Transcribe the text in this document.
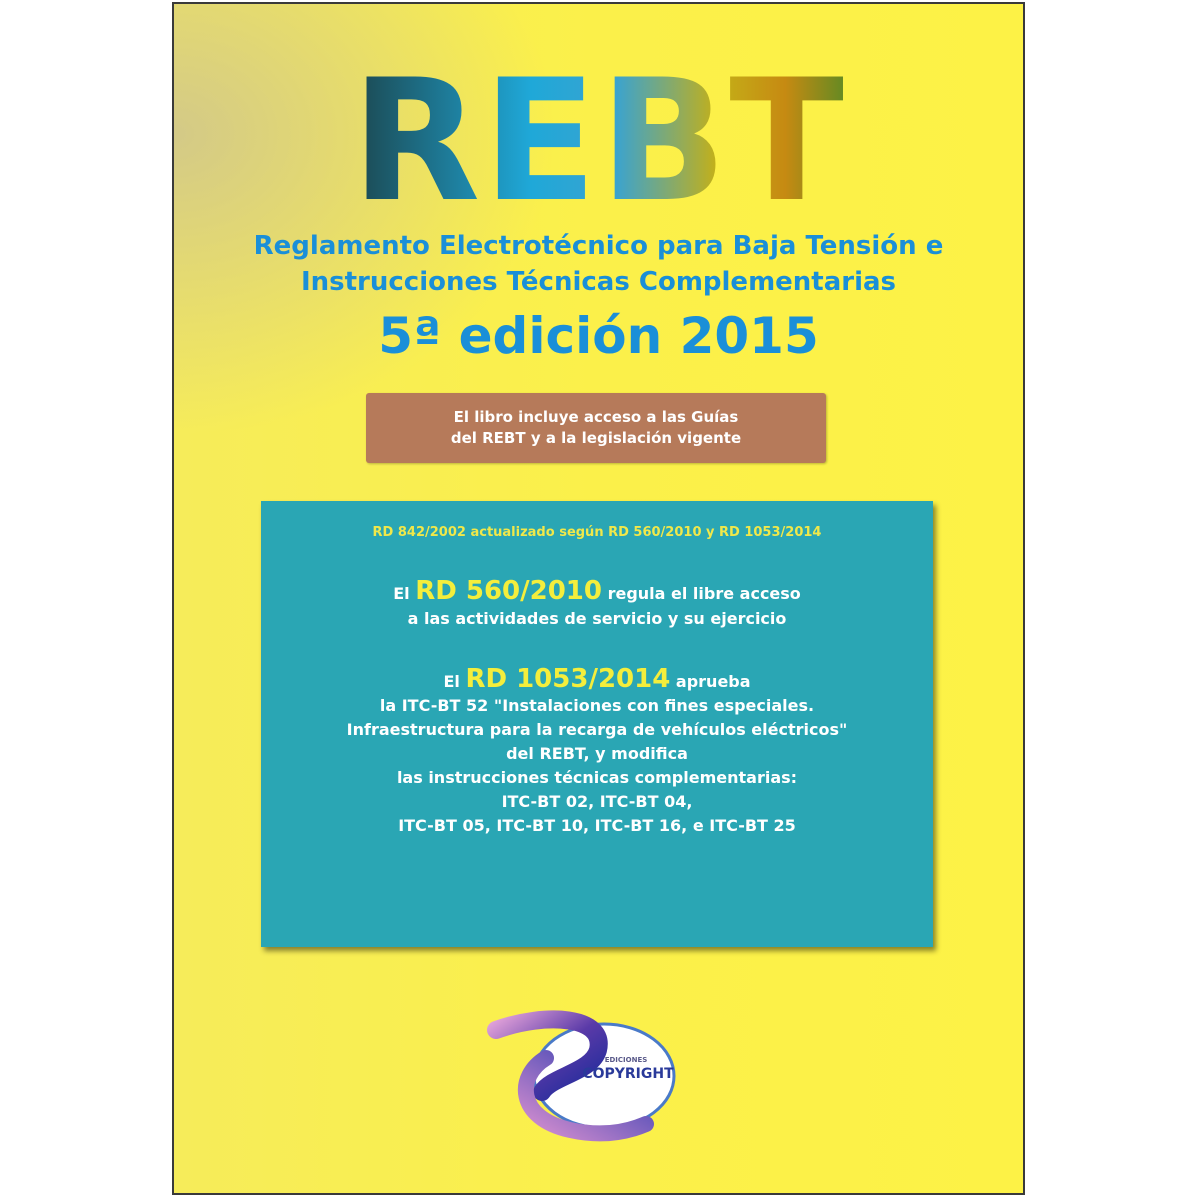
REBT
Reglamento Electrotécnico para Baja Tensión e
Instrucciones Técnicas Complementarias
5ª edición 2015
El libro incluye acceso a las Guías
del REBT y a la legislación vigente
RD 842/2002 actualizado según RD 560/2010 y RD 1053/2014
El RD 560/2010 regula el libre acceso
a las actividades de servicio y su ejercicio
El RD 1053/2014 aprueba
la ITC-BT 52 "Instalaciones con fines especiales.
Infraestructura para la recarga de vehículos eléctricos"
del REBT, y modifica
las instrucciones técnicas complementarias:
ITC-BT 02, ITC-BT 04,
ITC-BT 05, ITC-BT 10, ITC-BT 16, e ITC-BT 25
EDICIONES
COPYRIGHT
